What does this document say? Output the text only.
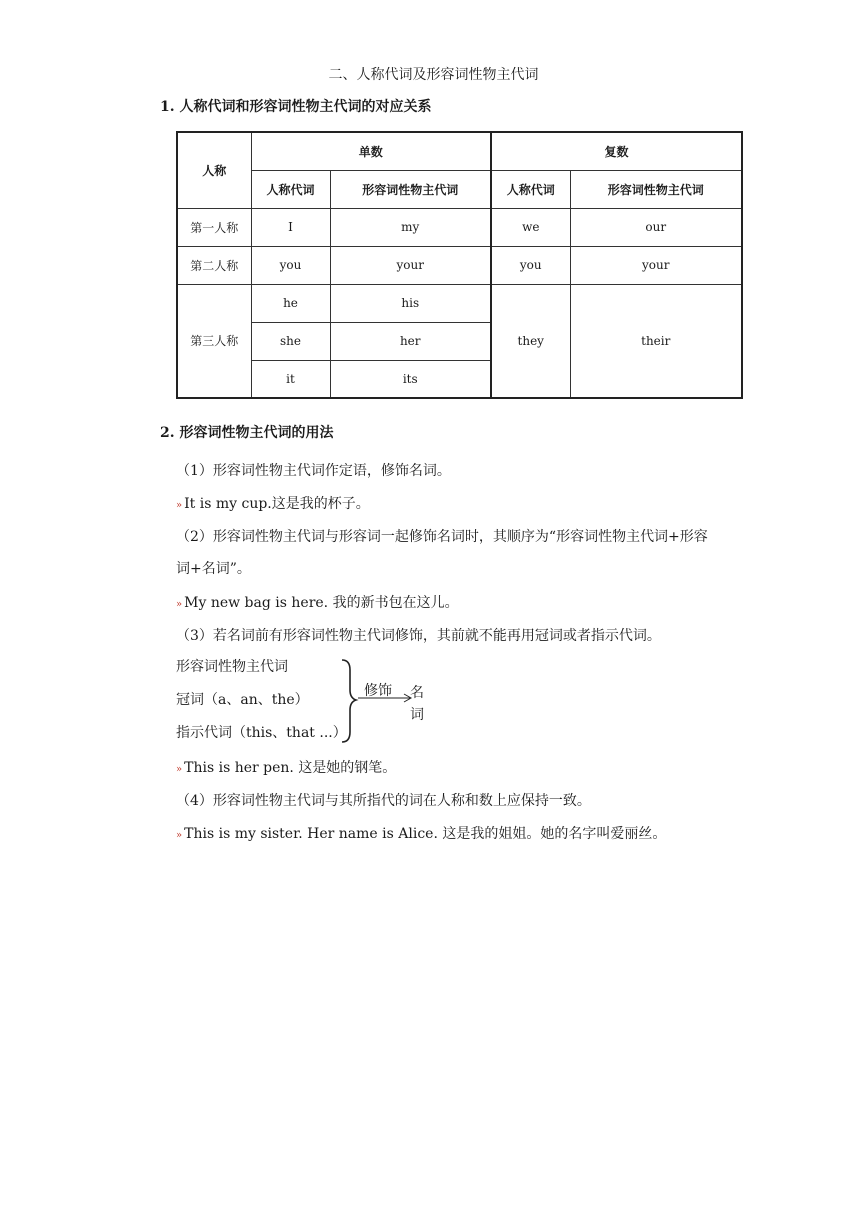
二、人称代词及形容词性物主代词
1. 人称代词和形容词性物主代词的对应关系
人称	单数		复数	
	人称代词	形容词性物主代词	人称代词	形容词性物主代词
第一人称	I	my	we	our
第二人称	you	your	you	your
第三人称	he	his	they	their
	she	her		
	it	its		
2. 形容词性物主代词的用法
（1）形容词性物主代词作定语，修饰名词。
» It is my cup.这是我的杯子。
（2）形容词性物主代词与形容词一起修饰名词时，其顺序为“形容词性物主代词+形容
词+名词”。
» My new bag is here. 我的新书包在这儿。
（3）若名词前有形容词性物主代词修饰，其前就不能再用冠词或者指示代词。
形容词性物主代词
冠词（a、an、the）
指示代词（this、that ...）
修饰 名
词
» This is her pen. 这是她的钢笔。
（4）形容词性物主代词与其所指代的词在人称和数上应保持一致。
» This is my sister. Her name is Alice. 这是我的姐姐。她的名字叫爱丽丝。
